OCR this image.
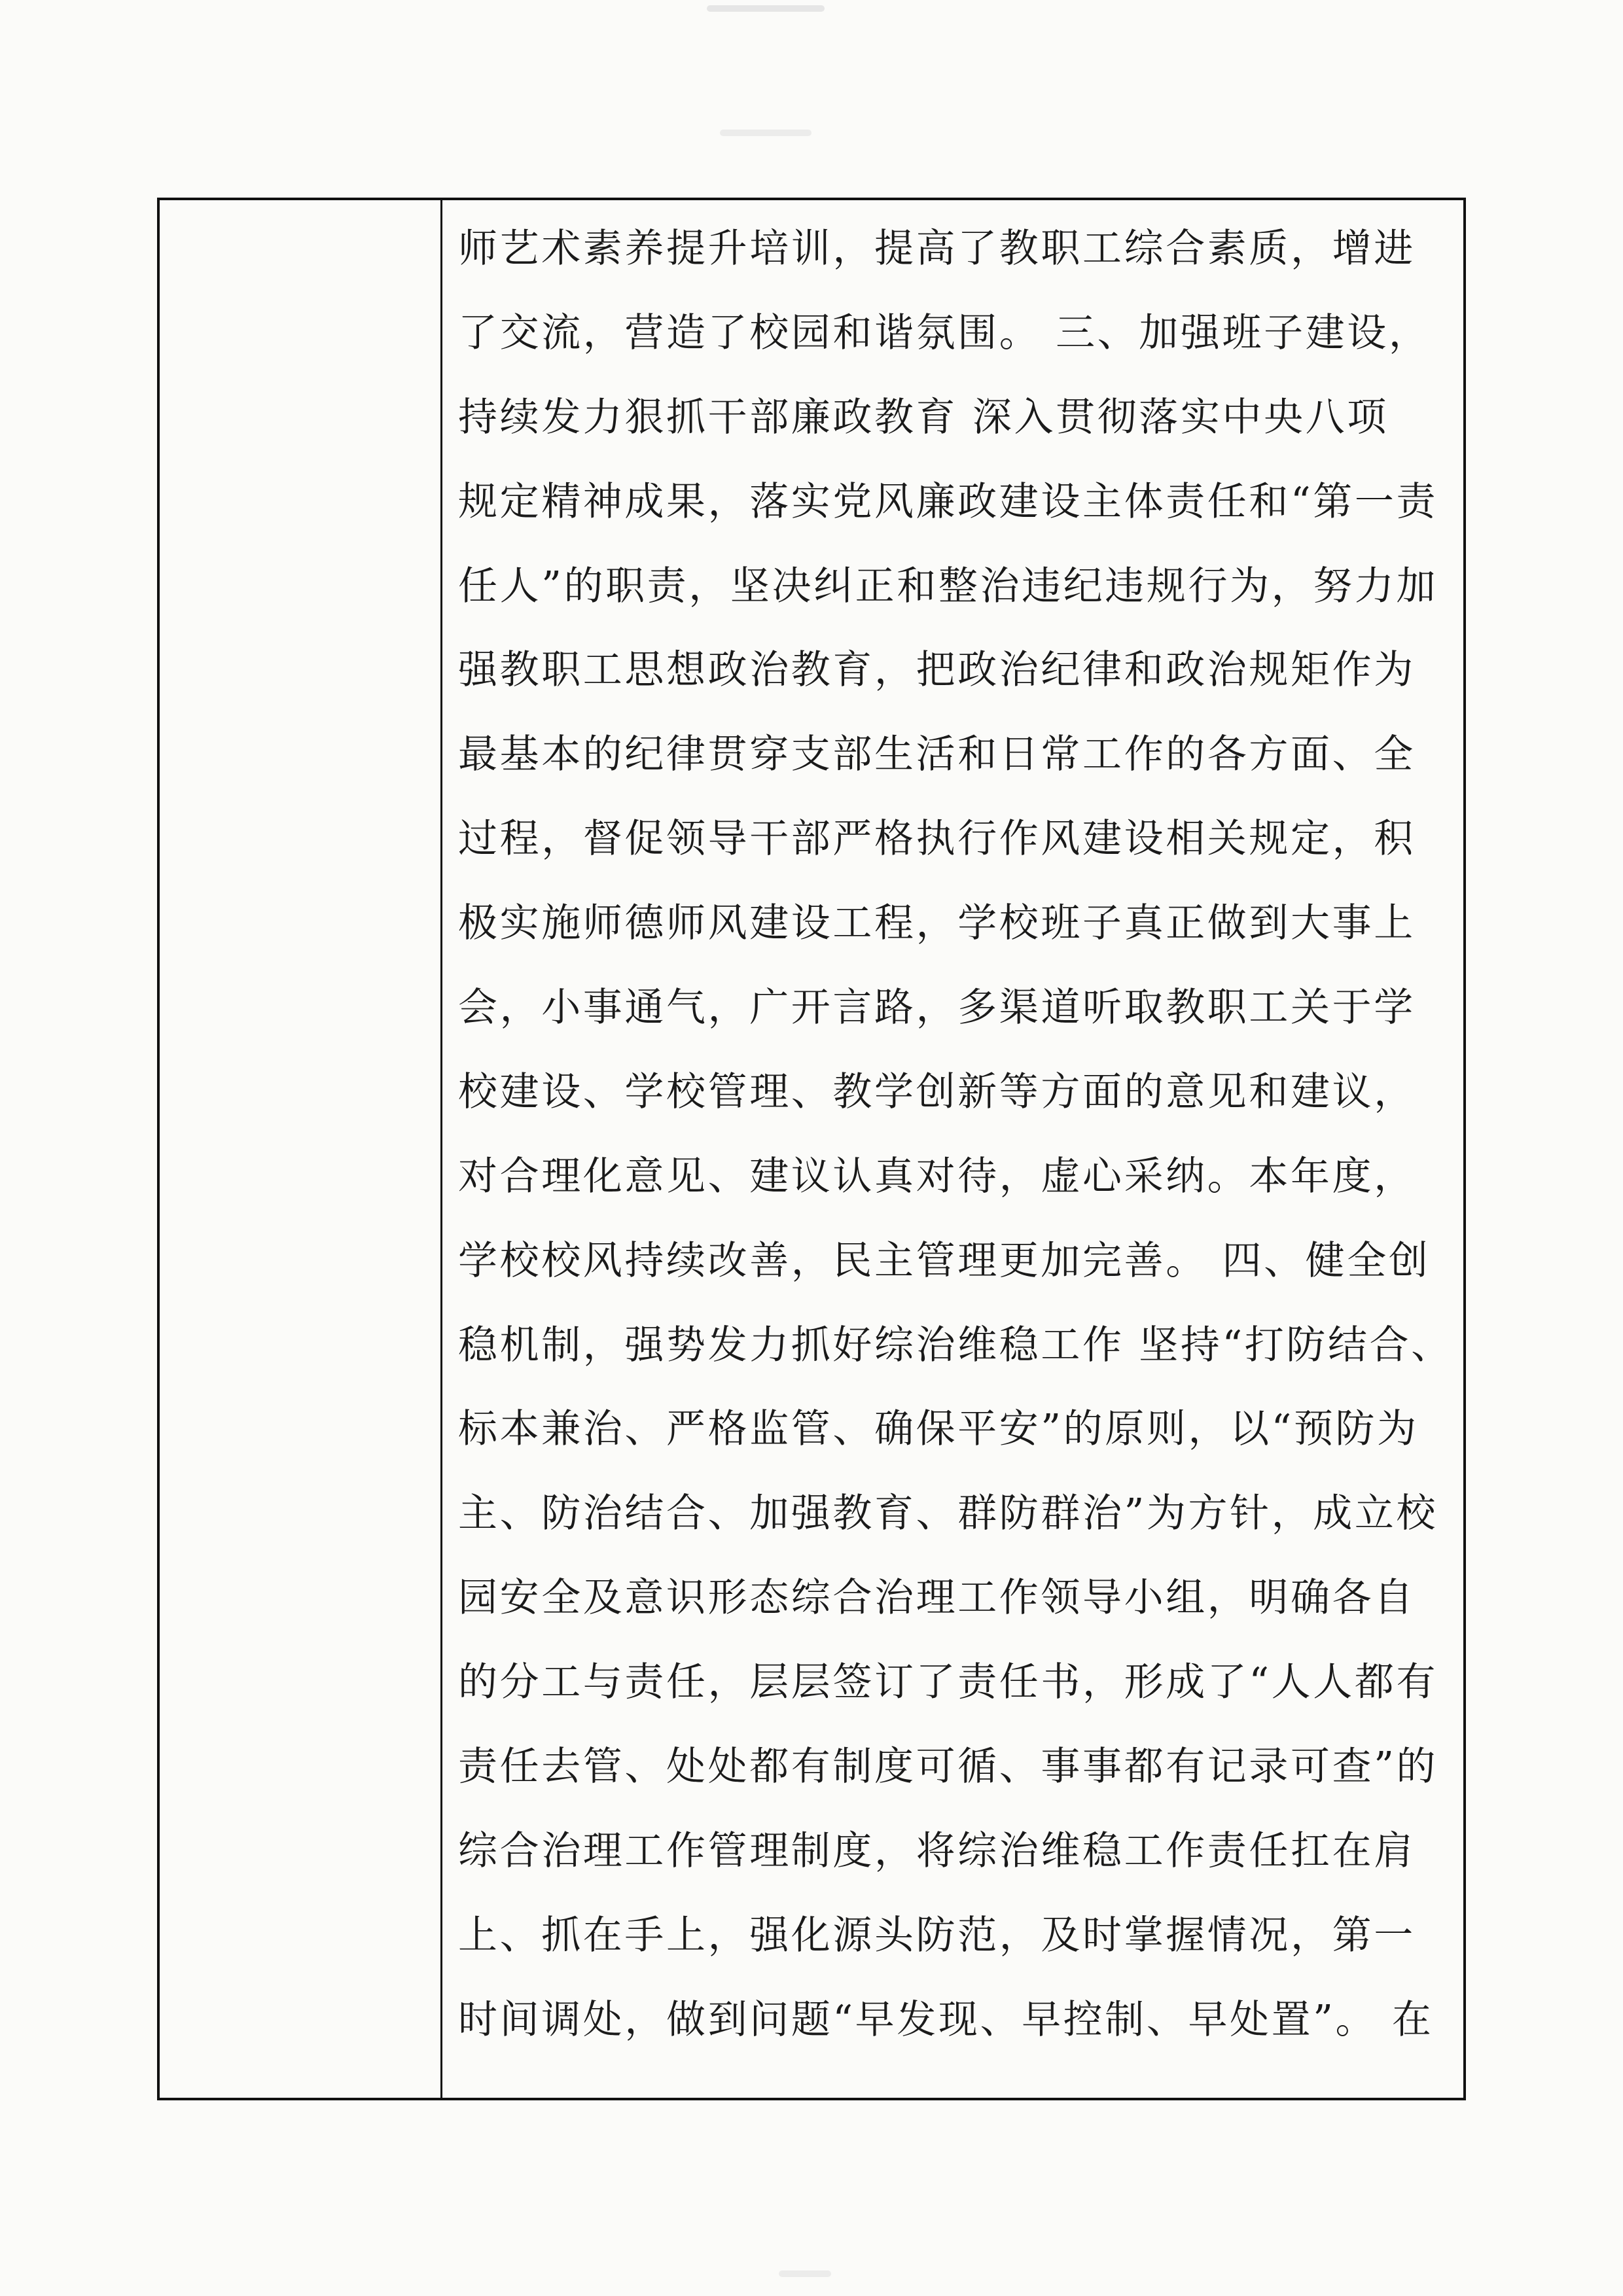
师艺术素养提升培训，提高了教职工综合素质，增进
了交流，营造了校园和谐氛围。 三、加强班子建设，
持续发力狠抓干部廉政教育 深入贯彻落实中央八项
规定精神成果，落实党风廉政建设主体责任和“第一责
任人”的职责，坚决纠正和整治违纪违规行为，努力加
强教职工思想政治教育，把政治纪律和政治规矩作为
最基本的纪律贯穿支部生活和日常工作的各方面、全
过程，督促领导干部严格执行作风建设相关规定，积
极实施师德师风建设工程，学校班子真正做到大事上
会，小事通气，广开言路，多渠道听取教职工关于学
校建设、学校管理、教学创新等方面的意见和建议，
对合理化意见、建议认真对待，虚心采纳。本年度，
学校校风持续改善，民主管理更加完善。 四、健全创
稳机制，强势发力抓好综治维稳工作 坚持“打防结合、
标本兼治、严格监管、确保平安”的原则，以“预防为
主、防治结合、加强教育、群防群治”为方针，成立校
园安全及意识形态综合治理工作领导小组，明确各自
的分工与责任，层层签订了责任书，形成了“人人都有
责任去管、处处都有制度可循、事事都有记录可查”的
综合治理工作管理制度，将综治维稳工作责任扛在肩
上、抓在手上，强化源头防范，及时掌握情况，第一
时间调处，做到问题“早发现、早控制、早处置”。 在
